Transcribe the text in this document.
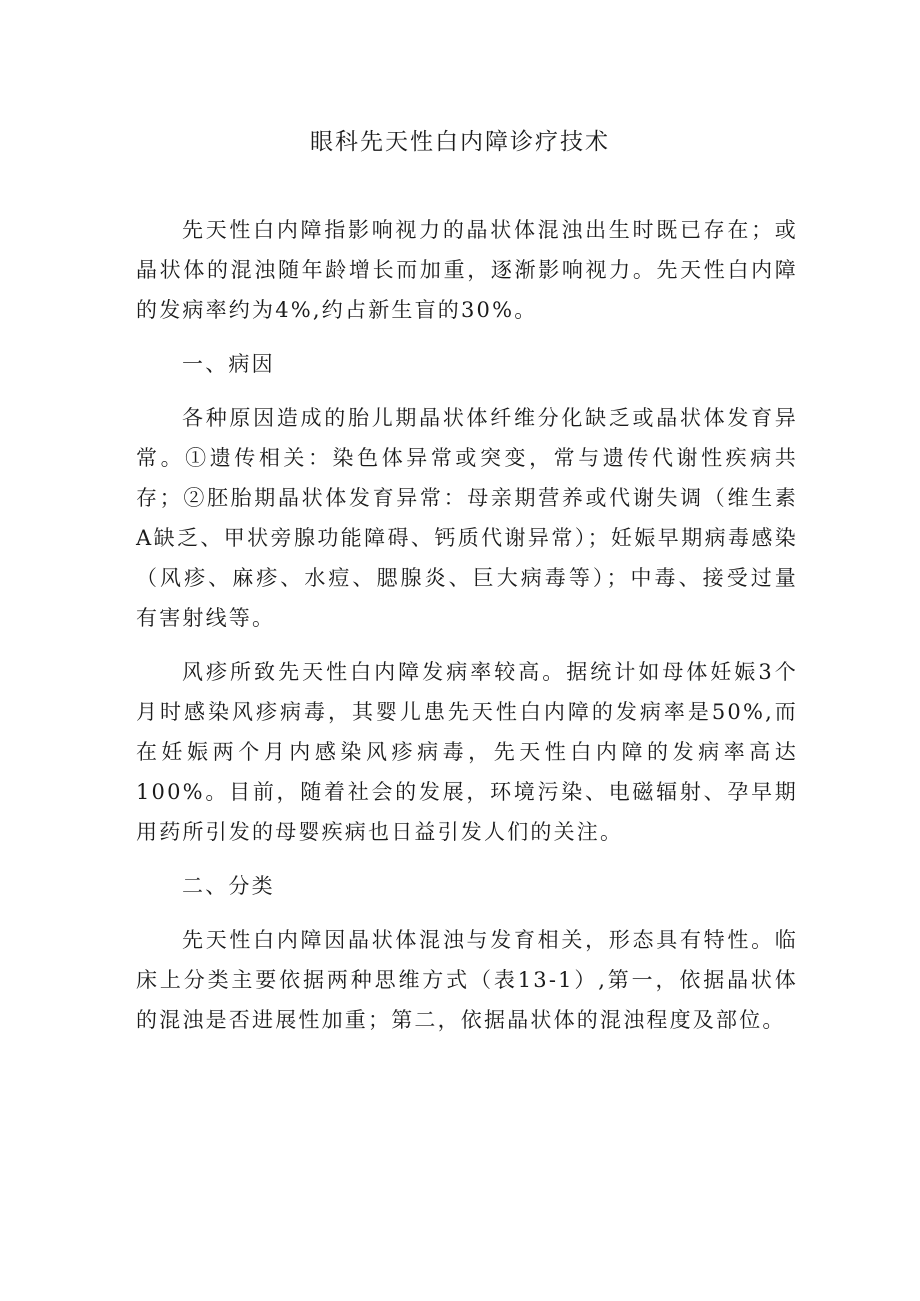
眼科先天性白内障诊疗技术

先天性白内障指影响视力的晶状体混浊出生时既已存在；或晶状体的混浊随年龄增长而加重，逐渐影响视力。先天性白内障的发病率约为4%,约占新生盲的30%。

一、病因

各种原因造成的胎儿期晶状体纤维分化缺乏或晶状体发育异常。①遗传相关：染色体异常或突变，常与遗传代谢性疾病共存；②胚胎期晶状体发育异常：母亲期营养或代谢失调（维生素A缺乏、甲状旁腺功能障碍、钙质代谢异常）；妊娠早期病毒感染（风疹、麻疹、水痘、腮腺炎、巨大病毒等）；中毒、接受过量有害射线等。

风疹所致先天性白内障发病率较高。据统计如母体妊娠3个月时感染风疹病毒，其婴儿患先天性白内障的发病率是50%,而在妊娠两个月内感染风疹病毒，先天性白内障的发病率高达100%。目前，随着社会的发展，环境污染、电磁辐射、孕早期用药所引发的母婴疾病也日益引发人们的关注。

二、分类

先天性白内障因晶状体混浊与发育相关，形态具有特性。临床上分类主要依据两种思维方式（表13-1）,第一，依据晶状体的混浊是否进展性加重；第二，依据晶状体的混浊程度及部位。
